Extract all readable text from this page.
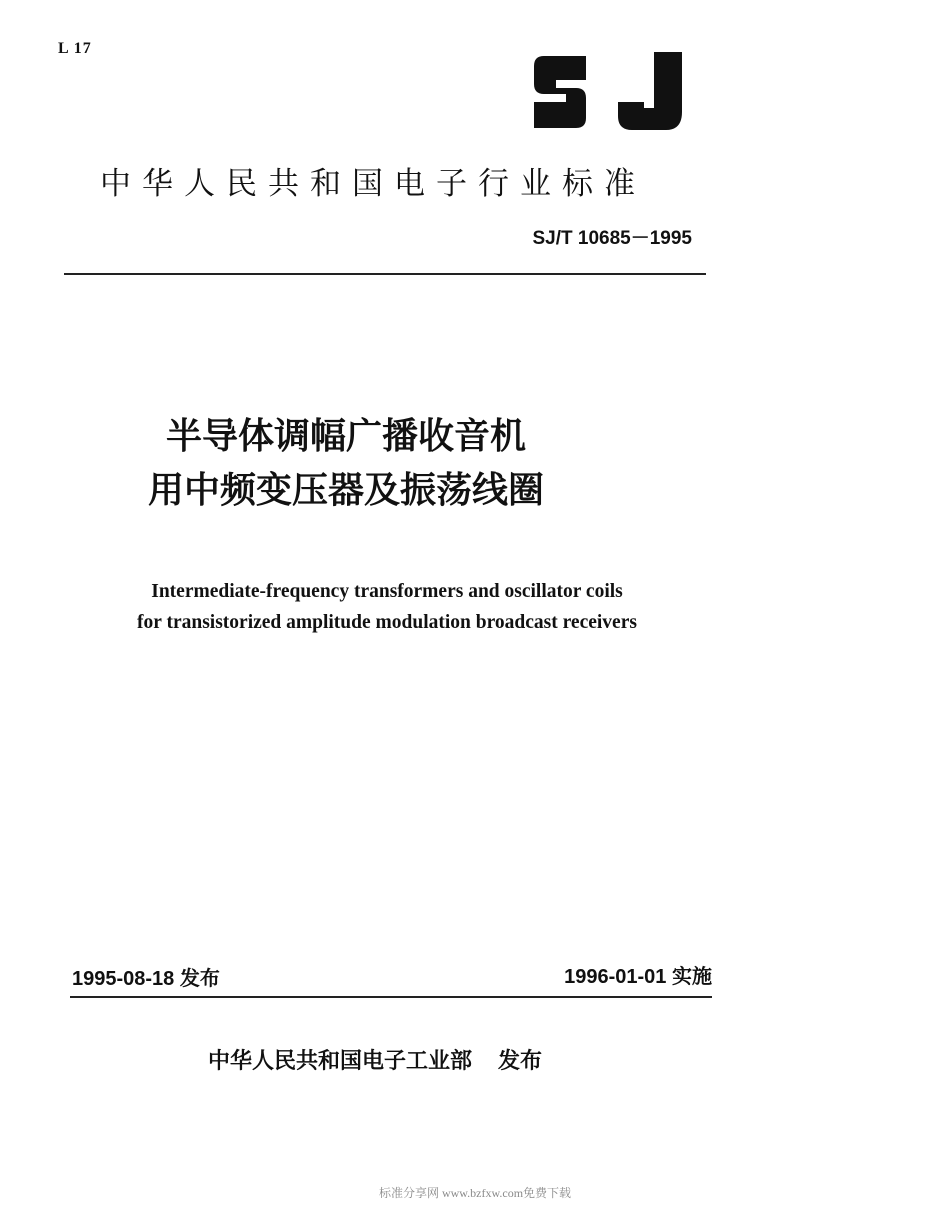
L 17
中华人民共和国电子行业标准
SJ/T 10685－1995
半导体调幅广播收音机
用中频变压器及振荡线圈
Intermediate-frequency transformers and oscillator coils
for transistorized amplitude modulation broadcast receivers
1995-08-18 发布	1996-01-01 实施
中华人民共和国电子工业部 发布
标准分享网 www.bzfxw.com免费下载
